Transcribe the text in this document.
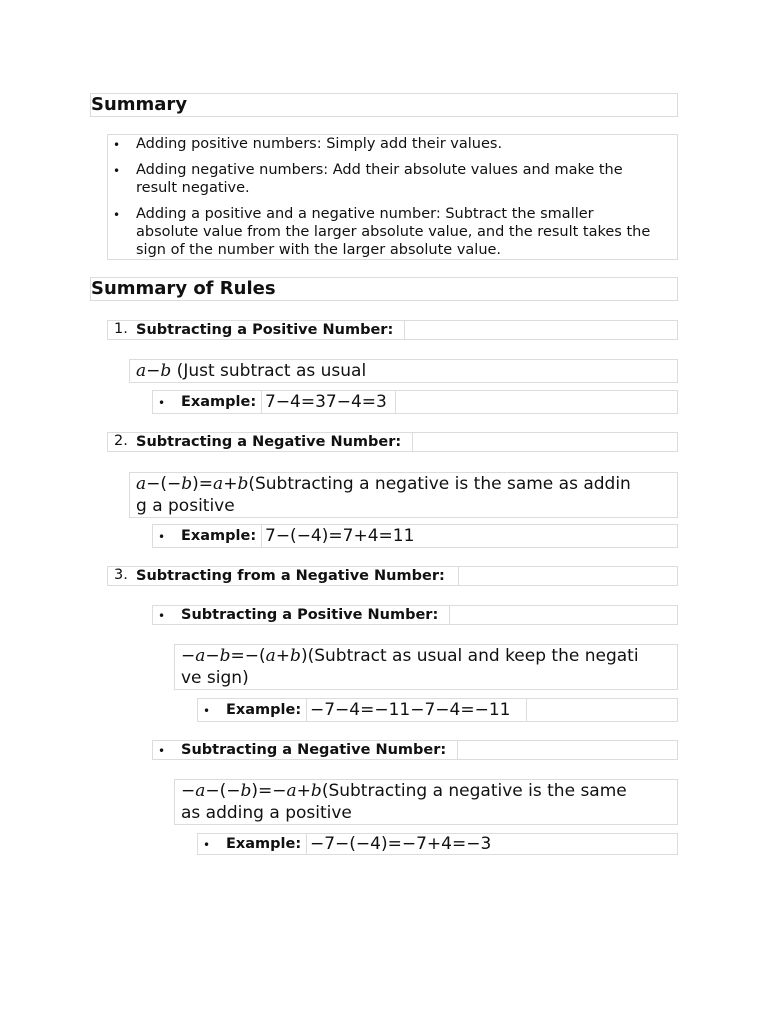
Summary
• Adding positive numbers: Simply add their values.
• Adding negative numbers: Add their absolute values and make the
result negative.
• Adding a positive and a negative number: Subtract the smaller
absolute value from the larger absolute value, and the result takes the
sign of the number with the larger absolute value.
Summary of Rules
1. Subtracting a Positive Number:
a−b (Just subtract as usual
• Example: 7−4=37−4=3
2. Subtracting a Negative Number:
a−(−b)=a+b(Subtracting a negative is the same as addin
g a positive
• Example: 7−(−4)=7+4=11
3. Subtracting from a Negative Number:
• Subtracting a Positive Number:
−a−b=−(a+b)(Subtract as usual and keep the negati
ve sign)
• Example: −7−4=−11−7−4=−11
• Subtracting a Negative Number:
−a−(−b)=−a+b(Subtracting a negative is the same
as adding a positive
• Example: −7−(−4)=−7+4=−3
